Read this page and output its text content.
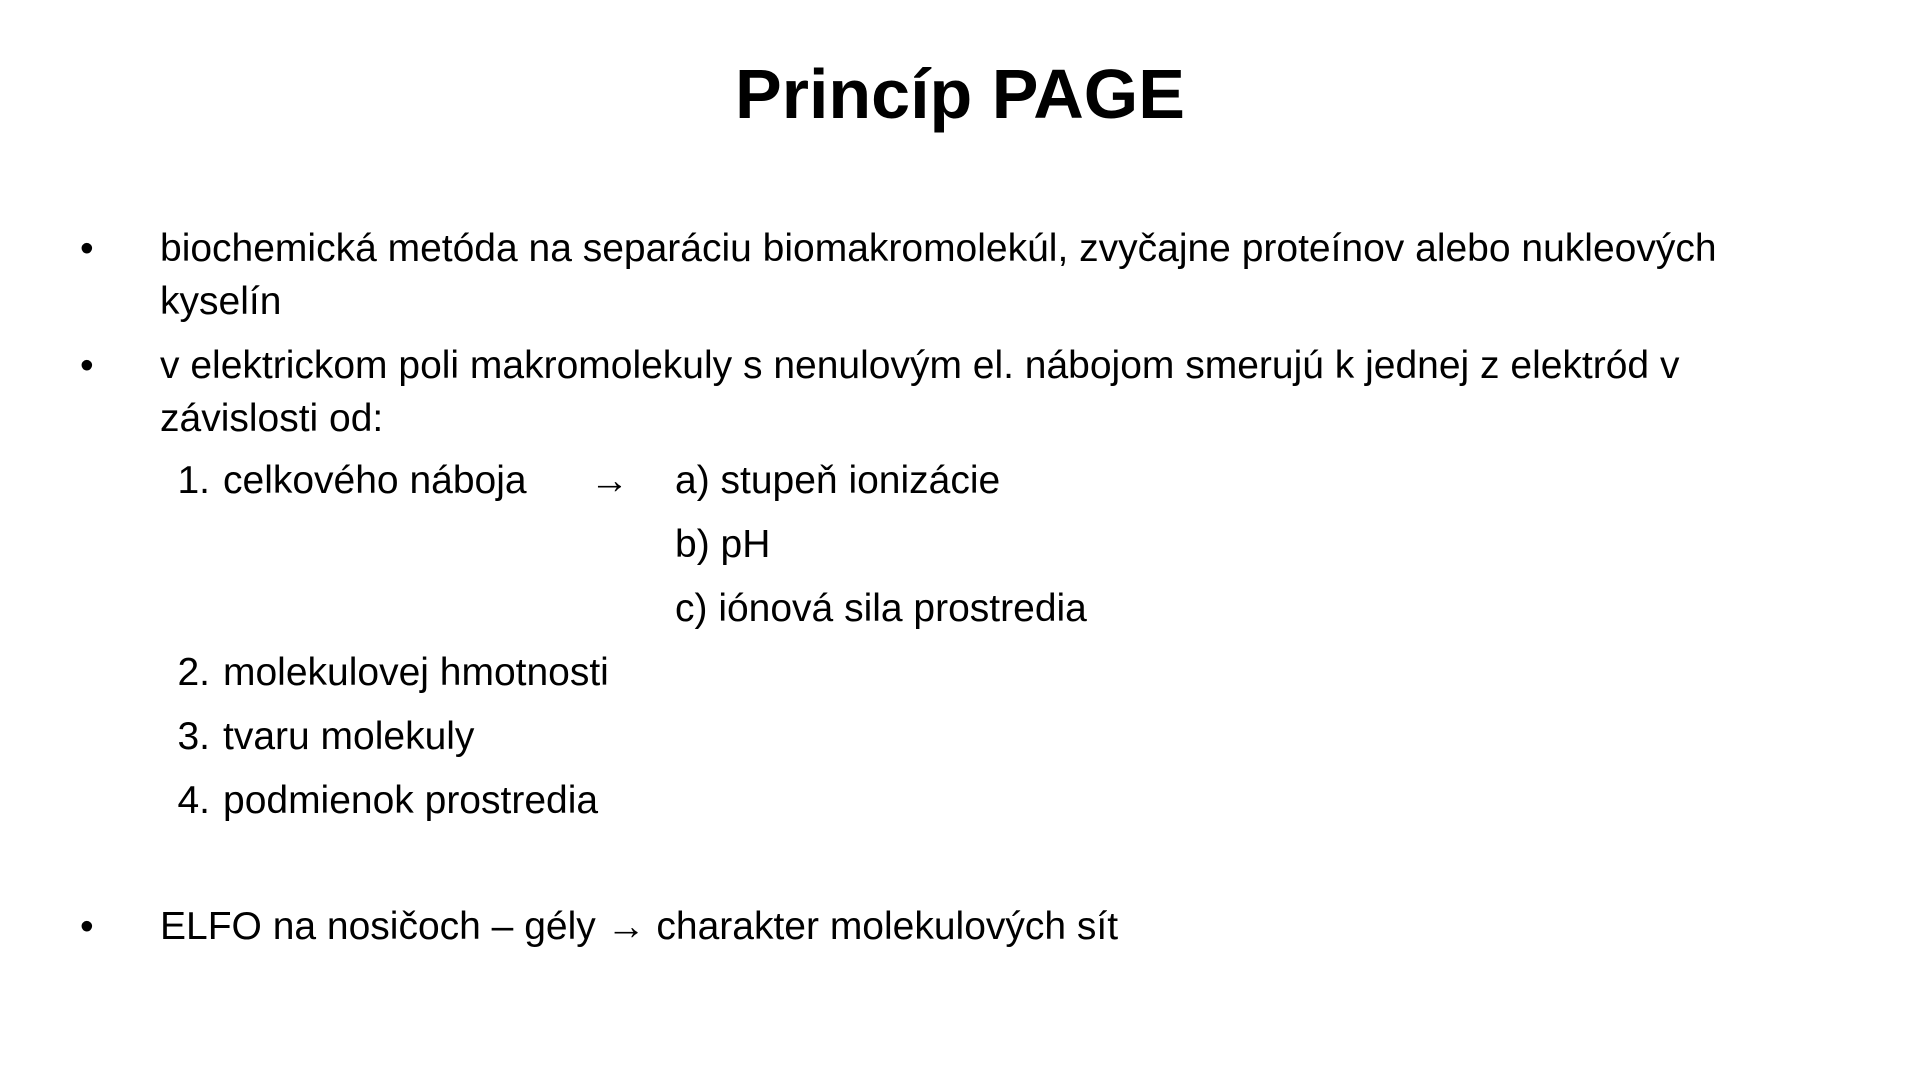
Princíp PAGE
•	biochemická metóda na separáciu biomakromolekúl, zvyčajne proteínov alebo nukleových kyselín
•	v elektrickom poli makromolekuly s nenulovým el. nábojom smerujú k jednej z elektród v závislosti od:
1. celkového náboja → a) stupeň ionizácie
b) pH
c) iónová sila prostredia
2. molekulovej hmotnosti
3. tvaru molekuly
4. podmienok prostredia
•	ELFO na nosičoch – gély → charakter molekulových sít
